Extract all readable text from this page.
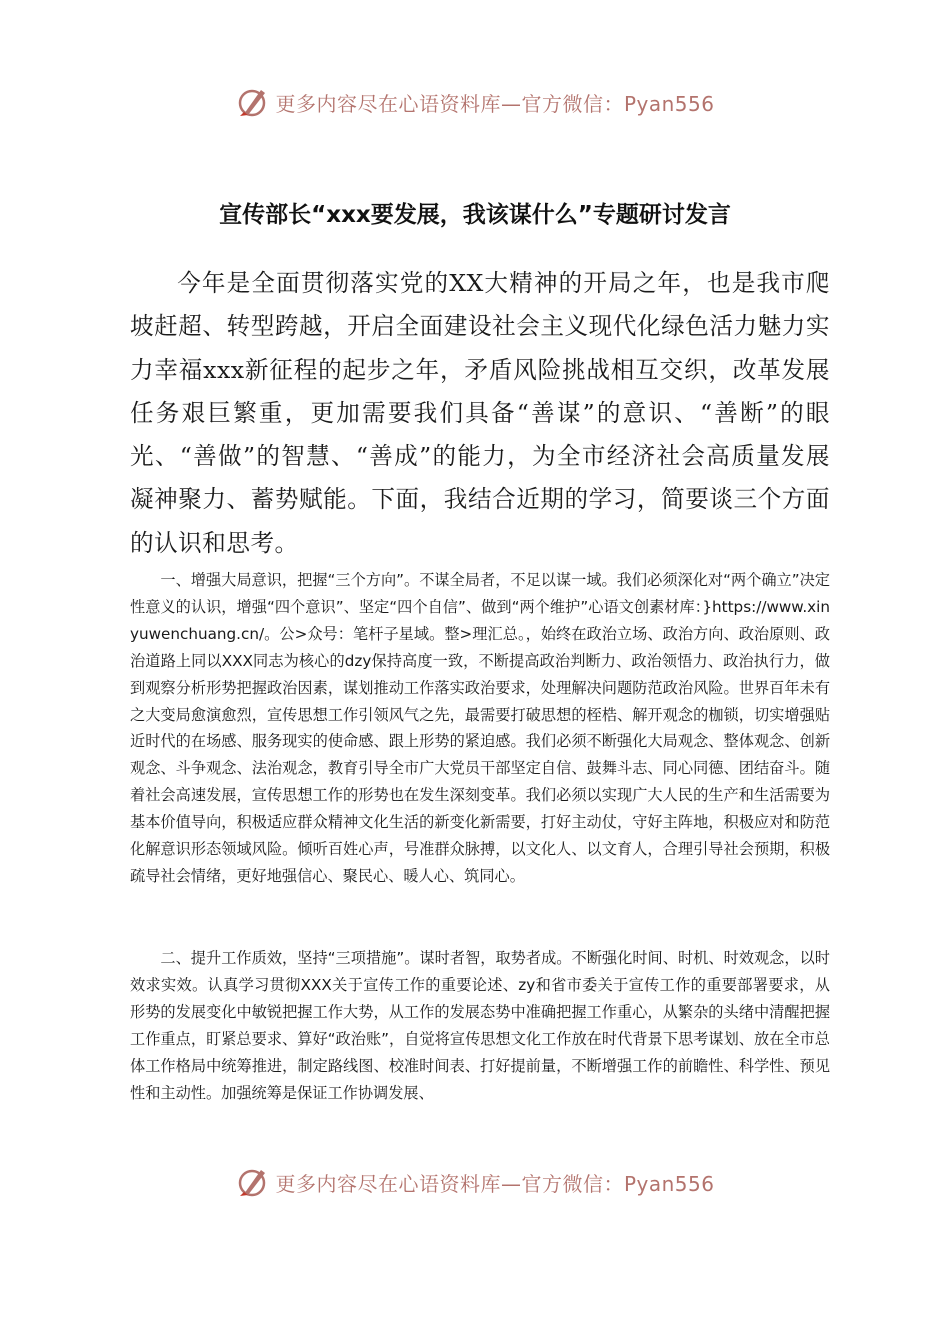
更多内容尽在心语资料库—官方微信：Pyan556
宣传部长“xxx要发展，我该谋什么”专题研讨发言

今年是全面贯彻落实党的XX大精神的开局之年，也是我市爬坡赶超、转型跨越，开启全面建设社会主义现代化绿色活力魅力实力幸福xxx新征程的起步之年，矛盾风险挑战相互交织，改革发展任务艰巨繁重，更加需要我们具备“善谋”的意识、“善断”的眼光、“善做”的智慧、“善成”的能力，为全市经济社会高质量发展凝神聚力、蓄势赋能。下面，我结合近期的学习，简要谈三个方面的认识和思考。

一、增强大局意识，把握“三个方向”。不谋全局者，不足以谋一域。我们必须深化对“两个确立”决定性意义的认识，增强“四个意识”、坚定“四个自信”、做到“两个维护”心语文创素材库：}https://www.xinyuwenchuang.cn/。公>众号：笔杆子星域。整>理汇总。，始终在政治立场、政治方向、政治原则、政治道路上同以XXX同志为核心的dzy保持高度一致，不断提高政治判断力、政治领悟力、政治执行力，做到观察分析形势把握政治因素，谋划推动工作落实政治要求，处理解决问题防范政治风险。世界百年未有之大变局愈演愈烈，宣传思想工作引领风气之先，最需要打破思想的桎梏、解开观念的枷锁，切实增强贴近时代的在场感、服务现实的使命感、跟上形势的紧迫感。我们必须不断强化大局观念、整体观念、创新观念、斗争观念、法治观念，教育引导全市广大党员干部坚定自信、鼓舞斗志、同心同德、团结奋斗。随着社会高速发展，宣传思想工作的形势也在发生深刻变革。我们必须以实现广大人民的生产和生活需要为基本价值导向，积极适应群众精神文化生活的新变化新需要，打好主动仗，守好主阵地，积极应对和防范化解意识形态领域风险。倾听百姓心声，号准群众脉搏，以文化人、以文育人，合理引导社会预期，积极疏导社会情绪，更好地强信心、聚民心、暖人心、筑同心。

二、提升工作质效，坚持“三项措施”。谋时者智，取势者成。不断强化时间、时机、时效观念，以时效求实效。认真学习贯彻XXX关于宣传工作的重要论述、zy和省市委关于宣传工作的重要部署要求，从形势的发展变化中敏锐把握工作大势，从工作的发展态势中准确把握工作重心，从繁杂的头绪中清醒把握工作重点，盯紧总要求、算好“政治账”，自觉将宣传思想文化工作放在时代背景下思考谋划、放在全市总体工作格局中统筹推进，制定路线图、校准时间表、打好提前量，不断增强工作的前瞻性、科学性、预见性和主动性。加强统筹是保证工作协调发展、

更多内容尽在心语资料库—官方微信：Pyan556
